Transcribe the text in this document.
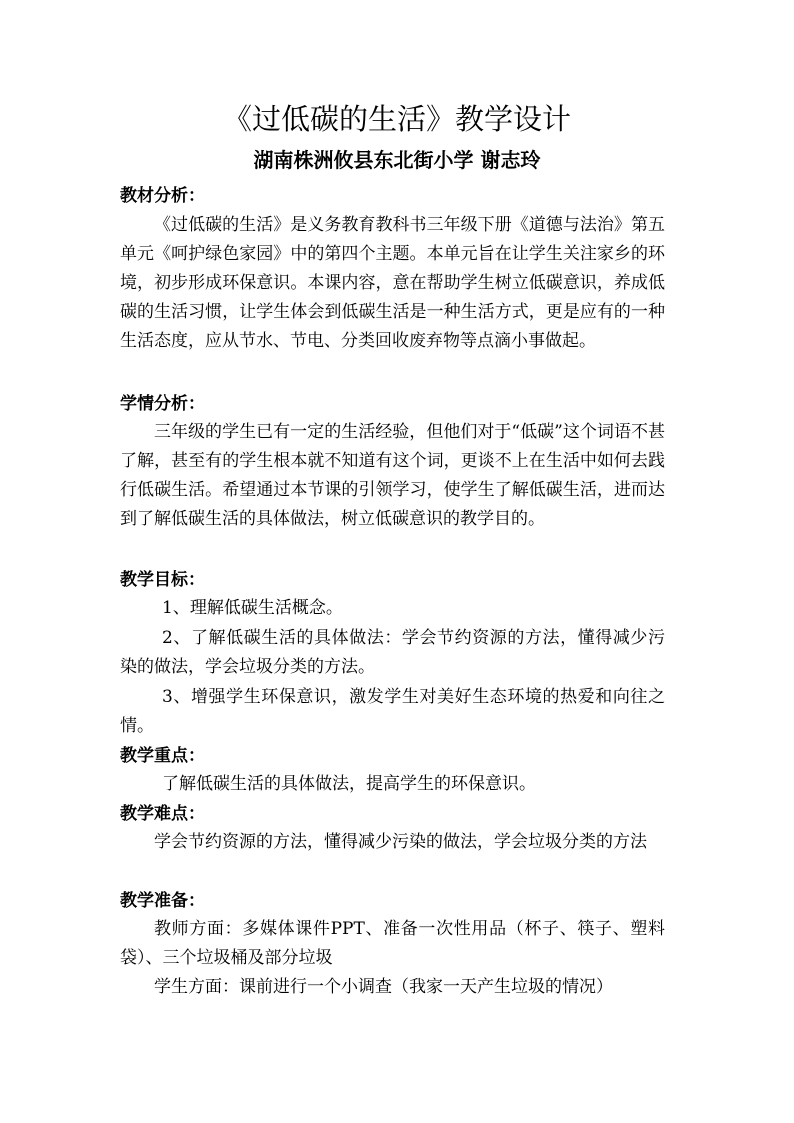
《过低碳的生活》教学设计
湖南株洲攸县东北街小学 谢志玲
教材分析：
《过低碳的生活》是义务教育教科书三年级下册《道德与法治》第五单元《呵护绿色家园》中的第四个主题。本单元旨在让学生关注家乡的环境，初步形成环保意识。本课内容，意在帮助学生树立低碳意识，养成低碳的生活习惯，让学生体会到低碳生活是一种生活方式，更是应有的一种生活态度，应从节水、节电、分类回收废弃物等点滴小事做起。
学情分析：
三年级的学生已有一定的生活经验，但他们对于“低碳”这个词语不甚了解，甚至有的学生根本就不知道有这个词，更谈不上在生活中如何去践行低碳生活。希望通过本节课的引领学习，使学生了解低碳生活，进而达到了解低碳生活的具体做法，树立低碳意识的教学目的。
教学目标：
1、理解低碳生活概念。
2、了解低碳生活的具体做法：学会节约资源的方法，懂得减少污染的做法，学会垃圾分类的方法。
3、增强学生环保意识，激发学生对美好生态环境的热爱和向往之情。
教学重点：
了解低碳生活的具体做法，提高学生的环保意识。
教学难点：
学会节约资源的方法，懂得减少污染的做法，学会垃圾分类的方法
教学准备：
教师方面：多媒体课件PPT、准备一次性用品（杯子、筷子、塑料袋）、三个垃圾桶及部分垃圾
学生方面：课前进行一个小调查（我家一天产生垃圾的情况）
